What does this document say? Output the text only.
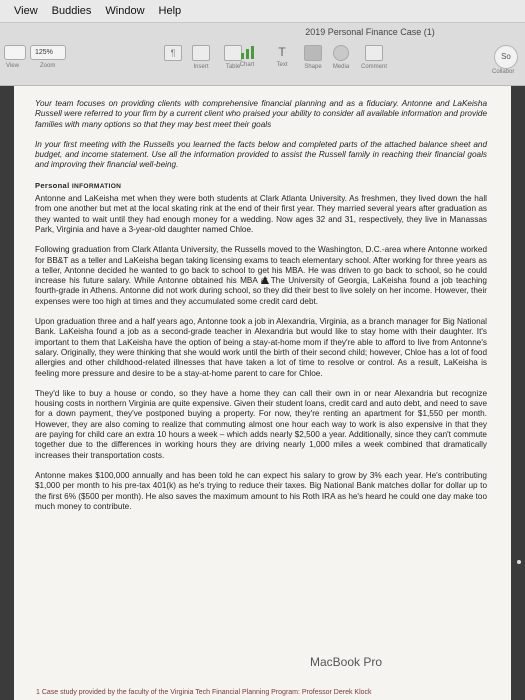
View Buddies Window Help
2019 Personal Finance Case (1)
View
125%
Zoom
¶
Insert	Table Chart
T
Text	Shape	Media	Comment
So
Collabor

Your team focuses on providing clients with comprehensive financial planning and as a fiduciary. Antonne and LaKeisha Russell were referred to your firm by a current client who praised your ability to consider all available information and provide families with many options so that they may best meet their goals

In your first meeting with the Russells you learned the facts below and completed parts of the attached balance sheet and budget, and income statement. Use all the information provided to assist the Russell family in reaching their financial goals and improving their financial well-being.

Personal INFORMATION

Antonne and LaKeisha met when they were both students at Clark Atlanta University. As freshmen, they lived down the hall from one another but met at the local skating rink at the end of their first year. They married several years after graduation as they wanted to wait until they had enough money for a wedding. Now ages 32 and 31, respectively, they live in Manassas Park, Virginia and have a 3-year-old daughter named Chloe.

Following graduation from Clark Atlanta University, the Russells moved to the Washington, D.C.-area where Antonne worked for BB&T as a teller and LaKeisha began taking licensing exams to teach elementary school. After working for three years as a teller, Antonne decided he wanted to go back to school to get his MBA. He was driven to go back to school, so he could increase his future salary. While Antonne obtained his MBA at The University of Georgia, LaKeisha found a job teaching fourth-grade in Athens. Antonne did not work during school, so they did their best to live solely on her income. However, their expenses were too high at times and they accumulated some credit card debt.

Upon graduation three and a half years ago, Antonne took a job in Alexandria, Virginia, as a branch manager for Big National Bank. LaKeisha found a job as a second-grade teacher in Alexandria but would like to stay home with their daughter. It's important to them that LaKeisha have the option of being a stay-at-home mom if they're able to afford to live from Antonne's salary. Originally, they were thinking that she would work until the birth of their second child; however, Chloe has a lot of food allergies and other childhood-related illnesses that have taken a lot of time to resolve or control. As a result, LaKeisha is feeling more pressure and desire to be a stay-at-home parent to care for Chloe.

They'd like to buy a house or condo, so they have a home they can call their own in or near Alexandria but recognize housing costs in northern Virginia are quite expensive. Given their student loans, credit card and auto debt, and need to save for a down payment, they've postponed buying a property. For now, they're renting an apartment for $1,550 per month. However, they are also coming to realize that commuting almost one hour each way to work is also expensive in that they are paying for child care an extra 10 hours a week – which adds nearly $2,500 a year. Additionally, since they can't commute together due to the differences in working hours they are driving nearly 1,000 miles a week combined that dramatically increases their transportation costs.

Antonne makes $100,000 annually and has been told he can expect his salary to grow by 3% each year. He's contributing $1,000 per month to his pre-tax 401(k) as he's trying to reduce their taxes. Big National Bank matches dollar for dollar up to the first 6% ($500 per month). He also saves the maximum amount to his Roth IRA as he's heard he could one day make too much money to contribute.

1 Case study provided by the faculty of the Virginia Tech Financial Planning Program: Professor Derek Klock
MacBook Pro
